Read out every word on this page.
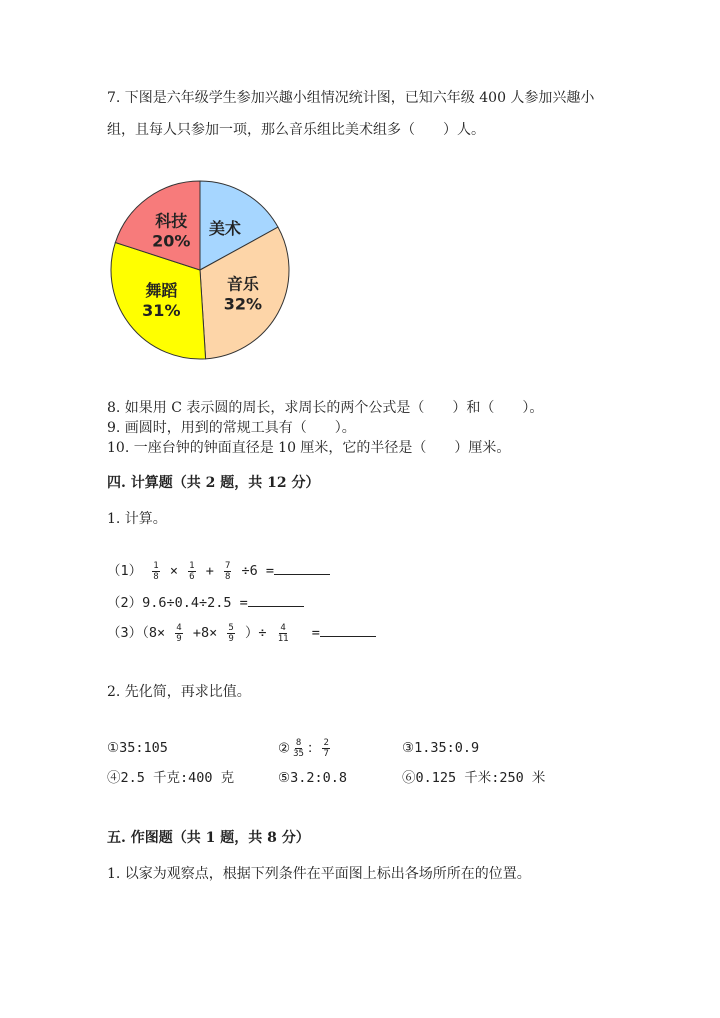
7. 下图是六年级学生参加兴趣小组情况统计图，已知六年级 400 人参加兴趣小
组，且每人只参加一项，那么音乐组比美术组多（　　）人。
美术
音乐
32%
舞蹈
31%
科技
20%
8. 如果用 C 表示圆的周长，求周长的两个公式是（　　）和（　　）。
9. 画圆时，用到的常规工具有（　　）。
10. 一座台钟的钟面直径是 10 厘米，它的半径是（　　）厘米。
四. 计算题（共 2 题，共 12 分）
1. 计算。
$(1) \frac{1}{8} \times \frac{1}{6} + \frac{7}{8} \div 6$ =
（2）9.6÷0.4÷2.5 =
$(3)(8\times \frac{4}{9} +8\times \frac{5}{9}$ ）÷ $\frac{4}{11}$ =
2. 先化简，再求比值。
①35:105	② $\frac{8}{35}$ ： $\frac{2}{7}$	③1.35:0.9
④2.5 千克:400 克	⑤3.2:0.8	⑥0.125 千米:250 米
五. 作图题（共 1 题，共 8 分）
1. 以家为观察点，根据下列条件在平面图上标出各场所所在的位置。
